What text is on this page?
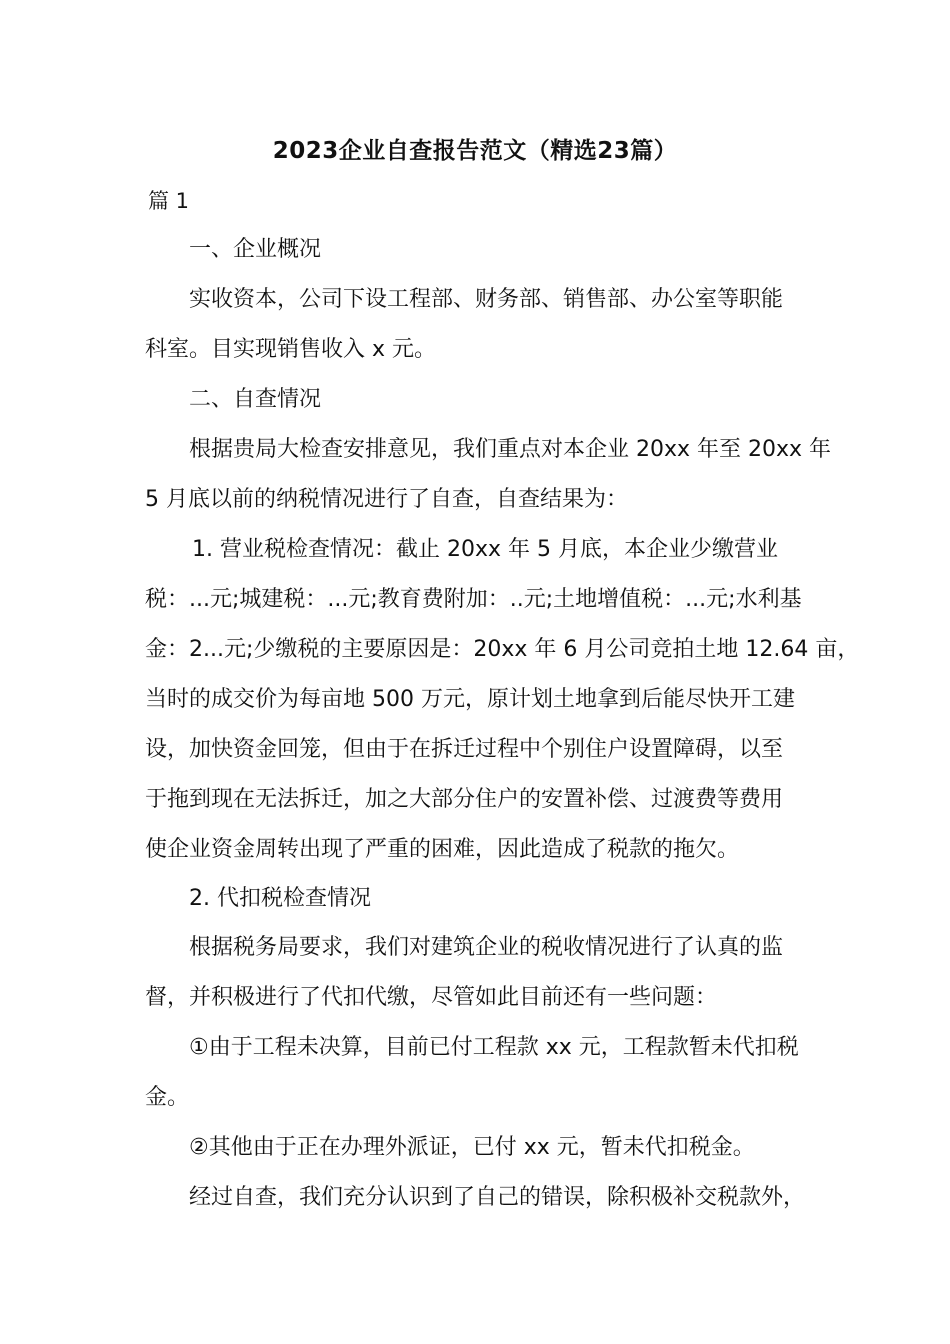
2023企业自查报告范文（精选23篇）
篇 1
一、企业概况
实收资本，公司下设工程部、财务部、销售部、办公室等职能
科室。目实现销售收入 x 元。
二、自查情况
根据贵局大检查安排意见，我们重点对本企业 20xx 年至 20xx 年
5 月底以前的纳税情况进行了自查，自查结果为：
1. 营业税检查情况：截止 20xx 年 5 月底，本企业少缴营业
税：...元;城建税：...元;教育费附加：..元;土地增值税：...元;水利基
金：2...元;少缴税的主要原因是：20xx 年 6 月公司竞拍土地 12.64 亩，
当时的成交价为每亩地 500 万元，原计划土地拿到后能尽快开工建
设，加快资金回笼，但由于在拆迁过程中个别住户设置障碍，以至
于拖到现在无法拆迁，加之大部分住户的安置补偿、过渡费等费用
使企业资金周转出现了严重的困难，因此造成了税款的拖欠。
2. 代扣税检查情况
根据税务局要求，我们对建筑企业的税收情况进行了认真的监
督，并积极进行了代扣代缴，尽管如此目前还有一些问题：
①由于工程未决算，目前已付工程款 xx 元，工程款暂未代扣税
金。
②其他由于正在办理外派证，已付 xx 元，暂未代扣税金。
经过自查，我们充分认识到了自己的错误，除积极补交税款外，
